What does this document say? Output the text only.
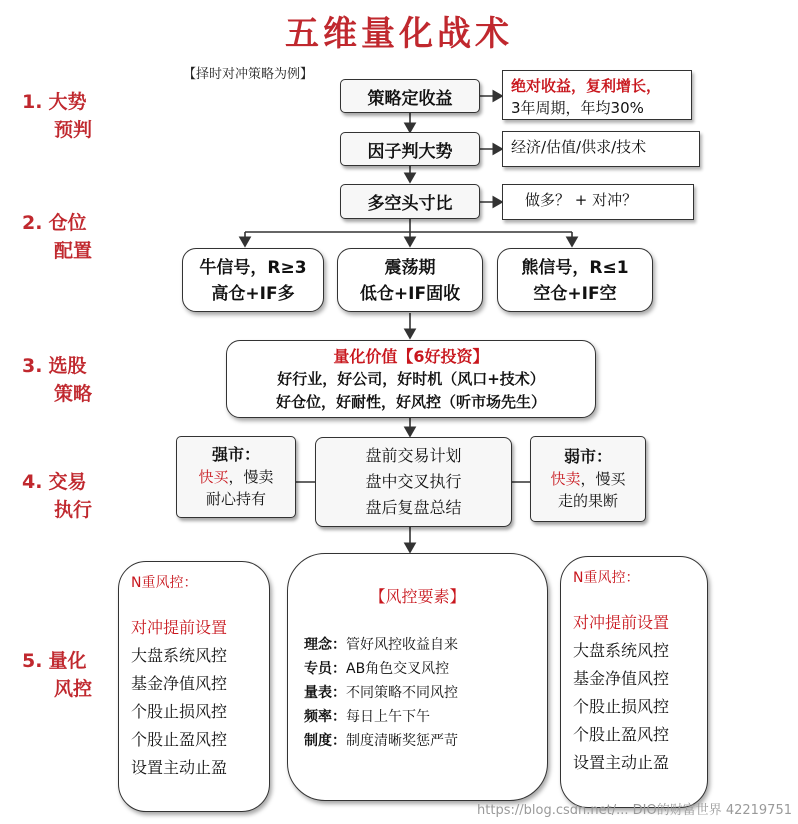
五维量化战术
【择时对冲策略为例】
1. 大势
预判
2. 仓位
配置
3. 选股
策略
4. 交易
执行
5. 量化
风控
策略定收益
因子判大势
多空头寸比
绝对收益，复利增长，
3年周期，年均30%
经济/估值/供求/技术
做多？ + 对冲？
牛信号，R≥3
高仓+IF多
震荡期
低仓+IF固收
熊信号，R≤1
空仓+IF空
量化价值【6好投资】
好行业，好公司，好时机（风口+技术）
好仓位，好耐性，好风控（听市场先生）
强市：
快买，慢卖
耐心持有
盘前交易计划
盘中交叉执行
盘后复盘总结
弱市：
快卖，慢买
走的果断
N重风控：
对冲提前设置
大盘系统风控
基金净值风控
个股止损风控
个股止盈风控
设置主动止盈
【风控要素】
理念：管好风控收益自来
专员：AB角色交叉风控
量表：不同策略不同风控
频率：每日上午下午
制度：制度清晰奖惩严苛
N重风控：
对冲提前设置
大盘系统风控
基金净值风控
个股止损风控
个股止盈风控
设置主动止盈
https://blog.csdn.net/... DIO的财富世界 42219751
